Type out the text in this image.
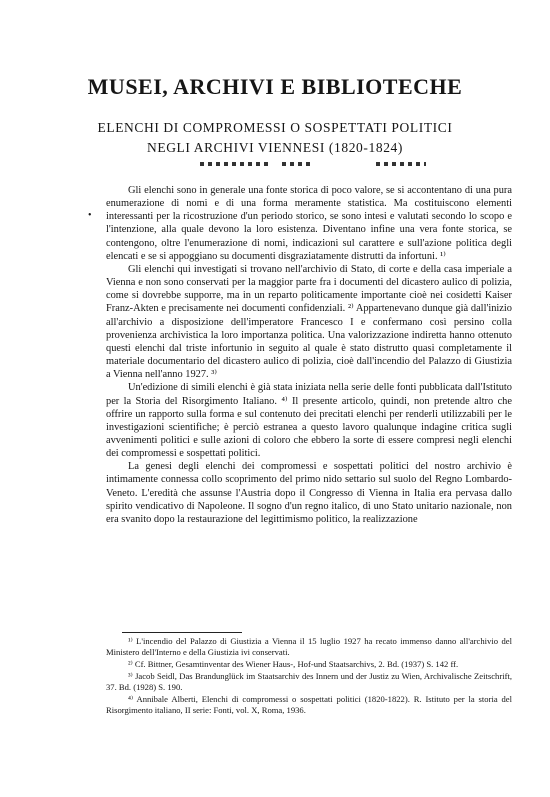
MUSEI, ARCHIVI E BIBLIOTECHE
ELENCHI DI COMPROMESSI O SOSPETTATI POLITICI
NEGLI ARCHIVI VIENNESI (1820-1824)
•

Gli elenchi sono in generale una fonte storica di poco valore, se si accontentano di una pura enumerazione di nomi e di una forma meramente statistica. Ma costituiscono elementi interessanti per la ricostruzione d'un periodo storico, se sono intesi e valutati secondo lo scopo e l'intenzione, alla quale devono la loro esistenza. Diventano infine una vera fonte storica, se contengono, oltre l'enumerazione di nomi, indicazioni sul carattere e sull'azione politica degli elencati e se si appoggiano su documenti disgraziatamente distrutti da infortuni. ¹⁾

Gli elenchi qui investigati si trovano nell'archivio di Stato, di corte e della casa imperiale a Vienna e non sono conservati per la maggior parte fra i documenti del dicastero aulico di polizia, come si dovrebbe supporre, ma in un reparto politicamente importante cioè nei cosidetti Kaiser Franz-Akten e precisamente nei documenti confidenziali. ²⁾ Appartenevano dunque già dall'inizio all'archivio a disposizione dell'imperatore Francesco I e confermano così persino colla provenienza archivistica la loro importanza politica. Una valorizzazione indiretta hanno ottenuto questi elenchi dal triste infortunio in seguito al quale è stato distrutto quasi completamente il materiale documentario del dicastero aulico di polizia, cioè dall'incendio del Palazzo di Giustizia a Vienna nell'anno 1927. ³⁾

Un'edizione di simili elenchi è già stata iniziata nella serie delle fonti pubblicata dall'Istituto per la Storia del Risorgimento Italiano. ⁴⁾ Il presente articolo, quindi, non pretende altro che offrire un rapporto sulla forma e sul contenuto dei precitati elenchi per renderli utilizzabili per le investigazioni scientifiche; è perciò estranea a questo lavoro qualunque indagine critica sugli avvenimenti politici e sulle azioni di coloro che ebbero la sorte di essere compresi negli elenchi dei compromessi e sospettati politici.

La genesi degli elenchi dei compromessi e sospettati politici del nostro archivio è intimamente connessa collo scoprimento del primo nido settario sul suolo del Regno Lombardo-Veneto. L'eredità che assunse l'Austria dopo il Congresso di Vienna in Italia era pervasa dallo spirito vendicativo di Napoleone. Il sogno d'un regno italico, di uno Stato unitario nazionale, non era svanito dopo la restaurazione del legittimismo politico, la realizzazione

¹⁾ L'incendio del Palazzo di Giustizia a Vienna il 15 luglio 1927 ha recato immenso danno all'archivio del Ministero dell'Interno e della Giustizia ivi conservati.

²⁾ Cf. Bittner, Gesamtinventar des Wiener Haus-, Hof-und Staatsarchivs, 2. Bd. (1937) S. 142 ff.

³⁾ Jacob Seidl, Das Brandunglück im Staatsarchiv des Innern und der Justiz zu Wien, Archivalische Zeitschrift, 37. Bd. (1928) S. 190.

⁴⁾ Annibale Alberti, Elenchi di compromessi o sospettati politici (1820-1822). R. Istituto per la storia del Risorgimento italiano, II serie: Fonti, vol. X, Roma, 1936.
